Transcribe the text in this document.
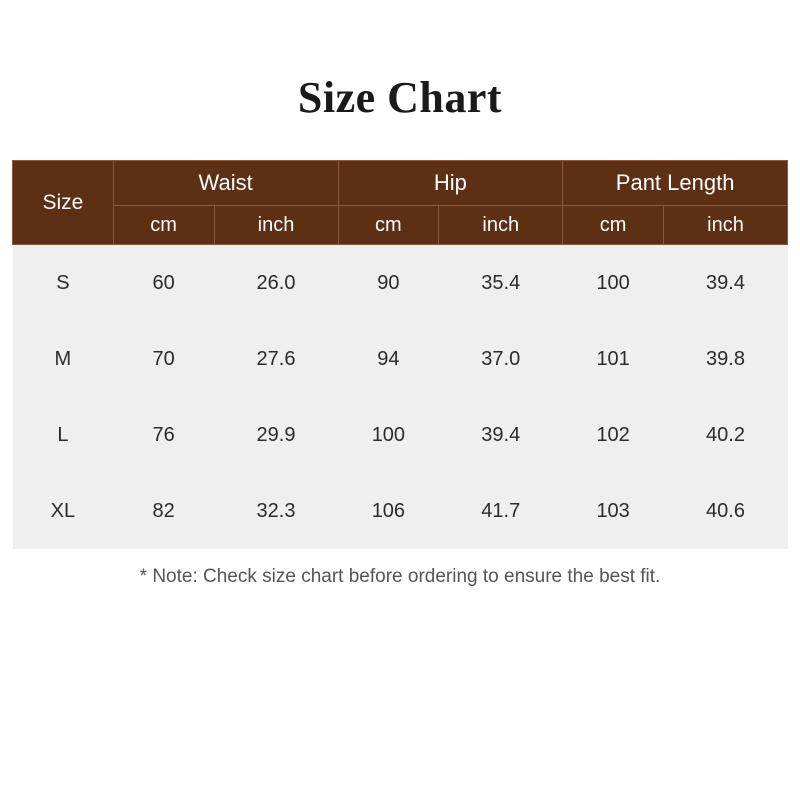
Size Chart
Size	Waist		Hip		Pant Length	
	cm	inch	cm	inch	cm	inch
S	60	26.0	90	35.4	100	39.4
M	70	27.6	94	37.0	101	39.8
L	76	29.9	100	39.4	102	40.2
XL	82	32.3	106	41.7	103	40.6
* Note: Check size chart before ordering to ensure the best fit.
